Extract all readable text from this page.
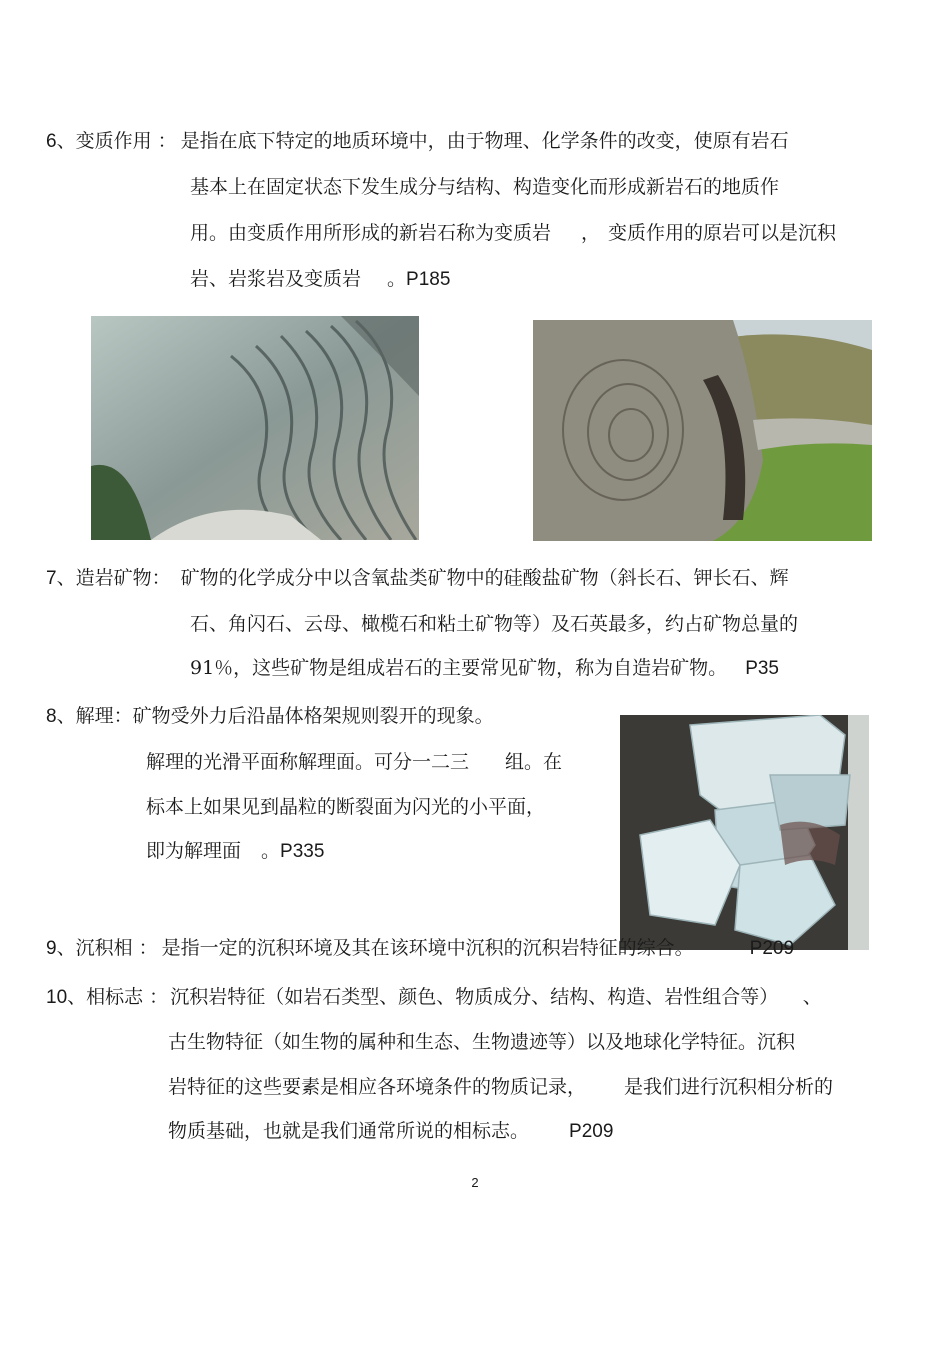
6、变质作用 ： 是指在底下特定的地质环境中，由于物理、化学条件的改变，使原有岩石
基本上在固定状态下发生成分与结构、构造变化而形成新岩石的地质作
用。由变质作用所形成的新岩石称为变质岩 ， 变质作用的原岩可以是沉积
岩、岩浆岩及变质岩 。P185
7、造岩矿物： 矿物的化学成分中以含氧盐类矿物中的硅酸盐矿物（斜长石、钾长石、辉
石、角闪石、云母、橄榄石和粘土矿物等）及石英最多，约占矿物总量的
91％，这些矿物是组成岩石的主要常见矿物，称为自造岩矿物。 P35
8、解理：矿物受外力后沿晶体格架规则裂开的现象。
解理的光滑平面称解理面。可分一二三 组。在
标本上如果见到晶粒的断裂面为闪光的小平面，
即为解理面 。P335
9、沉积相 ： 是指一定的沉积环境及其在该环境中沉积的沉积岩特征的综合。	P209
10、相标志 ： 沉积岩特征（如岩石类型、颜色、物质成分、结构、构造、岩性组合等） 、
古生物特征（如生物的属种和生态、生物遗迹等）以及地球化学特征。沉积
岩特征的这些要素是相应各环境条件的物质记录， 是我们进行沉积相分析的
物质基础，也就是我们通常所说的相标志。 P209
2
